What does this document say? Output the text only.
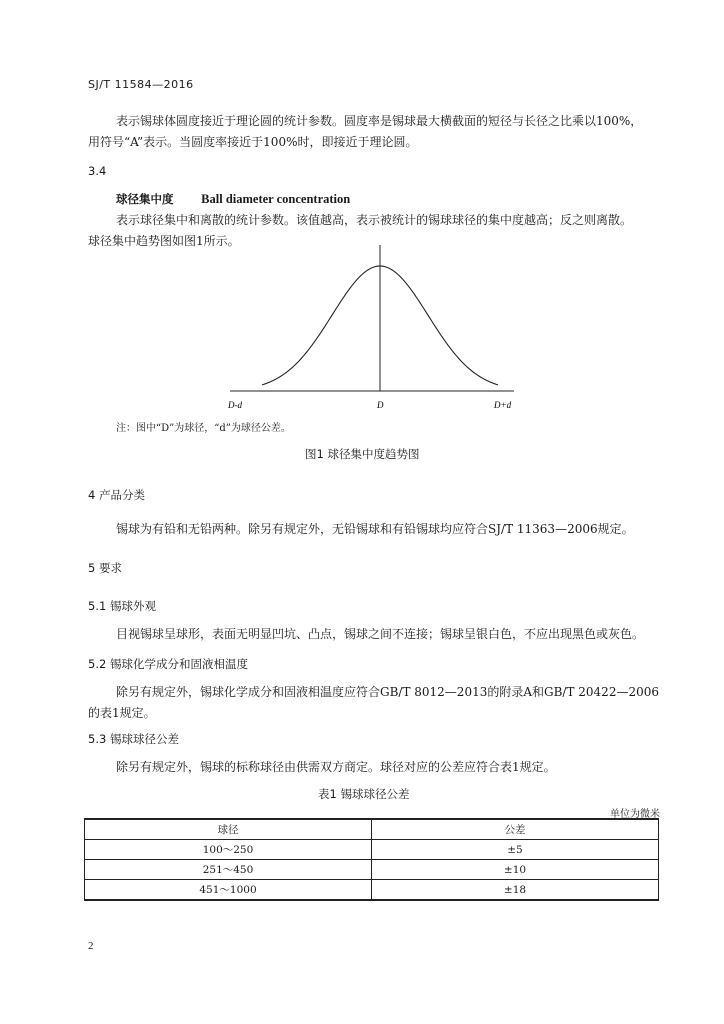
SJ/T 11584—2016
表示锡球体圆度接近于理论圆的统计参数。圆度率是锡球最大横截面的短径与长径之比乘以100%，
用符号“A”表示。当圆度率接近于100%时，即接近于理论圆。
3.4
球径集中度 Ball diameter concentration
表示球径集中和离散的统计参数。该值越高，表示被统计的锡球球径的集中度越高；反之则离散。
球径集中趋势图如图1所示。
D-d	D	D+d
注：图中“D”为球径，“d”为球径公差。
图1 球径集中度趋势图
4 产品分类
锡球为有铅和无铅两种。除另有规定外，无铅锡球和有铅锡球均应符合SJ/T 11363—2006规定。
5 要求
5.1 锡球外观
目视锡球呈球形，表面无明显凹坑、凸点，锡球之间不连接；锡球呈银白色，不应出现黑色或灰色。
5.2 锡球化学成分和固液相温度
除另有规定外，锡球化学成分和固液相温度应符合GB/T 8012—2013的附录A和GB/T 20422—2006
的表1规定。
5.3 锡球球径公差
除另有规定外，锡球的标称球径由供需双方商定。球径对应的公差应符合表1规定。
表1 锡球球径公差
单位为微米
球径	公差
100～250	±5
251～450	±10
451～1000	±18
2
